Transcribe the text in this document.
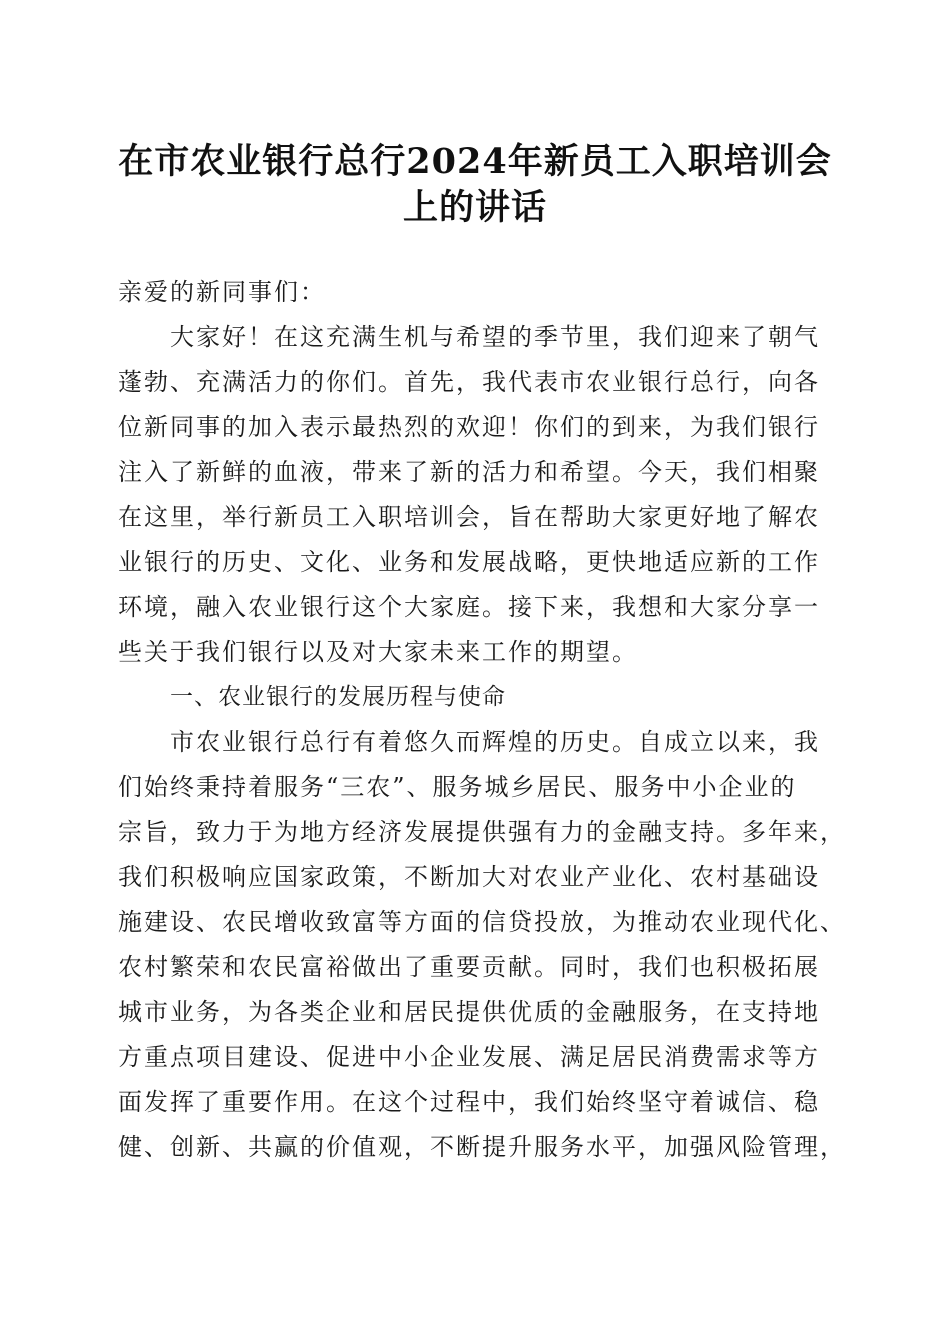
在市农业银行总行2024年新员工入职培训会
上的讲话
亲爱的新同事们：
大家好！在这充满生机与希望的季节里，我们迎来了朝气
蓬勃、充满活力的你们。首先，我代表市农业银行总行，向各
位新同事的加入表示最热烈的欢迎！你们的到来，为我们银行
注入了新鲜的血液，带来了新的活力和希望。今天，我们相聚
在这里，举行新员工入职培训会，旨在帮助大家更好地了解农
业银行的历史、文化、业务和发展战略，更快地适应新的工作
环境，融入农业银行这个大家庭。接下来，我想和大家分享一
些关于我们银行以及对大家未来工作的期望。
一、农业银行的发展历程与使命
市农业银行总行有着悠久而辉煌的历史。自成立以来，我
们始终秉持着服务“三农”、服务城乡居民、服务中小企业的
宗旨，致力于为地方经济发展提供强有力的金融支持。多年来，
我们积极响应国家政策，不断加大对农业产业化、农村基础设
施建设、农民增收致富等方面的信贷投放，为推动农业现代化、
农村繁荣和农民富裕做出了重要贡献。同时，我们也积极拓展
城市业务，为各类企业和居民提供优质的金融服务，在支持地
方重点项目建设、促进中小企业发展、满足居民消费需求等方
面发挥了重要作用。在这个过程中，我们始终坚守着诚信、稳
健、创新、共赢的价值观，不断提升服务水平，加强风险管理，
